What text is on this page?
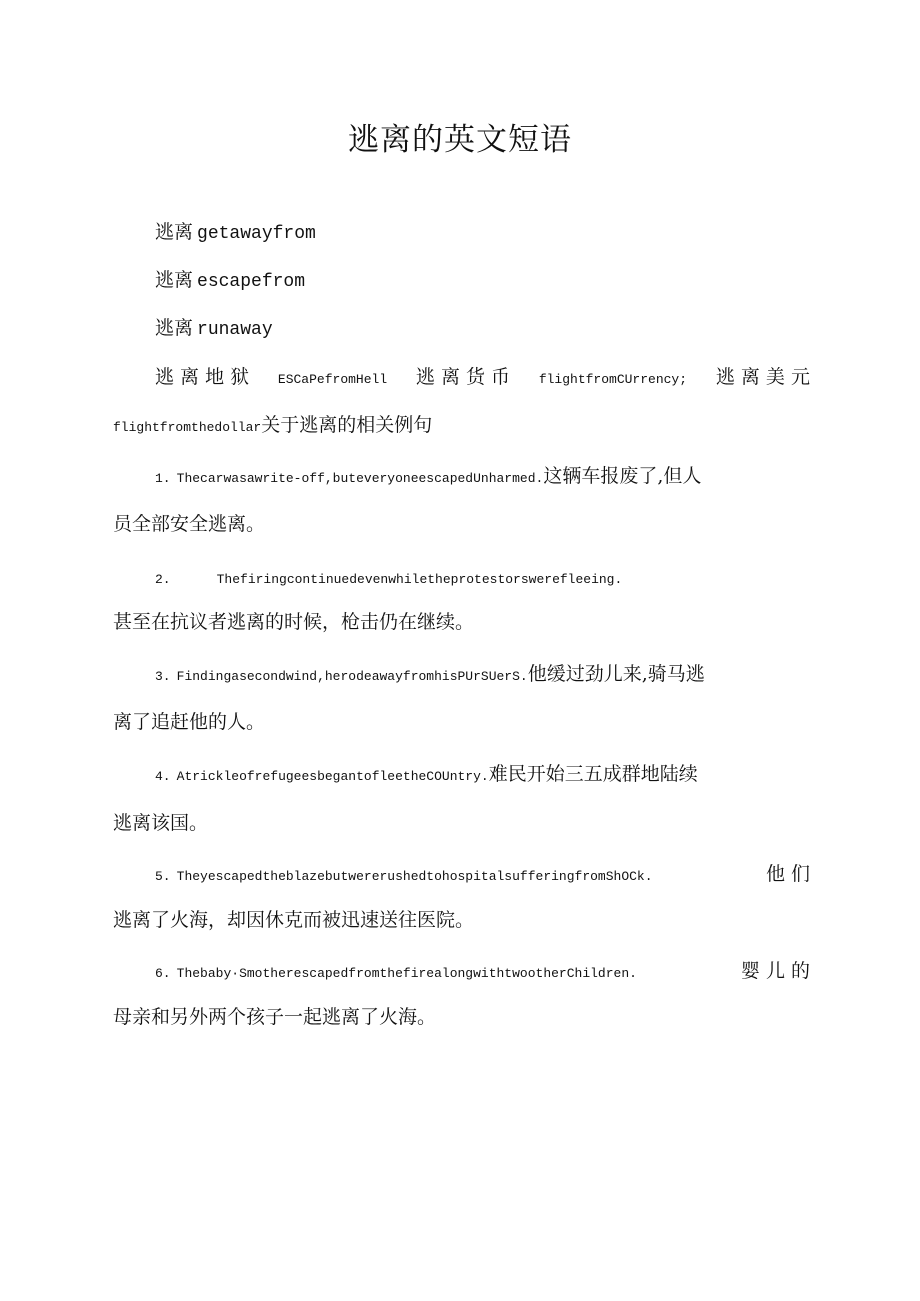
逃离的英文短语
逃离 getawayfrom
逃离 escapefrom
逃离 runaway
逃 离 地 狱 ESCaPefromHell 逃 离 货 币 flightfromCUrrency; 逃 离 美 元
flightfromthedollar关于逃离的相关例句
1. Thecarwasawrite-off,buteveryoneescapedUnharmed.这辆车报废了,但人
员全部安全逃离。
2.	Thefiringcontinuedevenwhiletheprotestorswerefleeing.
甚至在抗议者逃离的时候，枪击仍在继续。
3. Findingasecondwind,herodeawayfromhisPUrSUerS.他缓过劲儿来,骑马逃
离了追赶他的人。
4. AtrickleofrefugeesbegantofleetheCOUntry.难民开始三五成群地陆续
逃离该国。
5. TheyescapedtheblazebutwererushedtohospitalsufferingfromShOCk.	他 们
逃离了火海，却因休克而被迅速送往医院。
6. Thebaby·SmotherescapedfromthefirealongwithtwootherChildren.	婴 儿 的
母亲和另外两个孩子一起逃离了火海。
